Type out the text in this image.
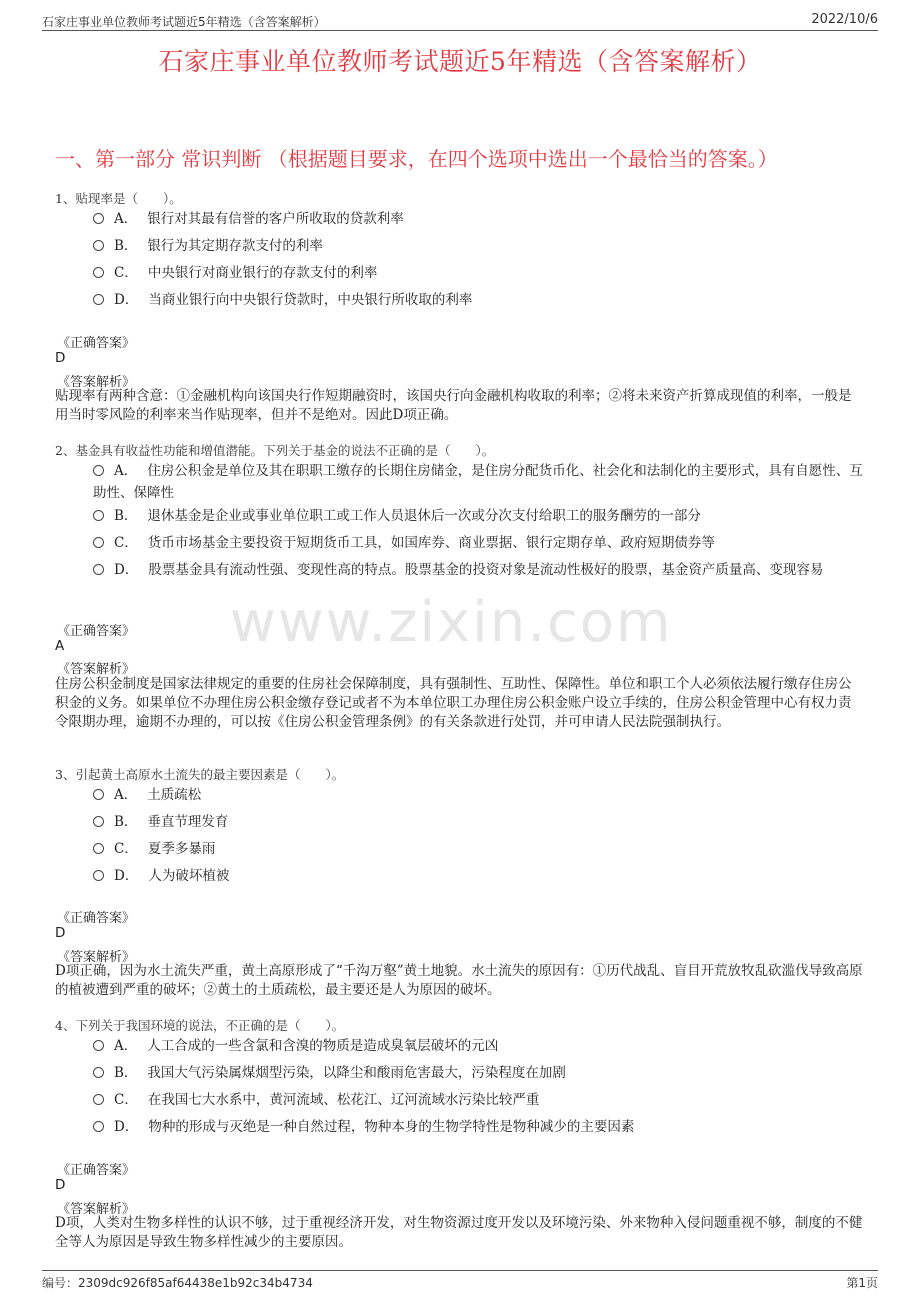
石家庄事业单位教师考试题近5年精选（含答案解析）	2022/10/6
石家庄事业单位教师考试题近5年精选（含答案解析）
一、第一部分 常识判断 （根据题目要求，在四个选项中选出一个最恰当的答案。）
www.zixin.com
1、贴现率是（　　）。
A． 银行对其最有信誉的客户所收取的贷款利率
B． 银行为其定期存款支付的利率
C． 中央银行对商业银行的存款支付的利率
D． 当商业银行向中央银行贷款时，中央银行所收取的利率
《正确答案》
D
《答案解析》
贴现率有两种含意：①金融机构向该国央行作短期融资时，该国央行向金融机构收取的利率；②将未来资产折算成现值的利率，一般是用当时零风险的利率来当作贴现率，但并不是绝对。因此D项正确。
2、基金具有收益性功能和增值潜能。下列关于基金的说法不正确的是（　　）。
A． 住房公积金是单位及其在职职工缴存的长期住房储金，是住房分配货币化、社会化和法制化的主要形式，具有自愿性、互助性、保障性
B． 退休基金是企业或事业单位职工或工作人员退休后一次或分次支付给职工的服务酬劳的一部分
C． 货币市场基金主要投资于短期货币工具，如国库券、商业票据、银行定期存单、政府短期债券等
D． 股票基金具有流动性强、变现性高的特点。股票基金的投资对象是流动性极好的股票，基金资产质量高、变现容易
《正确答案》
A
《答案解析》
住房公积金制度是国家法律规定的重要的住房社会保障制度，具有强制性、互助性、保障性。单位和职工个人必须依法履行缴存住房公积金的义务。如果单位不办理住房公积金缴存登记或者不为本单位职工办理住房公积金账户设立手续的，住房公积金管理中心有权力责令限期办理，逾期不办理的，可以按《住房公积金管理条例》的有关条款进行处罚，并可申请人民法院强制执行。
3、引起黄土高原水土流失的最主要因素是（　　）。
A． 土质疏松
B． 垂直节理发育
C． 夏季多暴雨
D． 人为破坏植被
《正确答案》
D
《答案解析》
D项正确，因为水土流失严重，黄土高原形成了“千沟万壑”黄土地貌。水土流失的原因有：①历代战乱、盲目开荒放牧乱砍滥伐导致高原的植被遭到严重的破坏；②黄土的土质疏松，最主要还是人为原因的破坏。
4、下列关于我国环境的说法，不正确的是（　　）。
A． 人工合成的一些含氯和含溴的物质是造成臭氧层破坏的元凶
B． 我国大气污染属煤烟型污染，以降尘和酸雨危害最大，污染程度在加剧
C． 在我国七大水系中，黄河流域、松花江、辽河流域水污染比较严重
D． 物种的形成与灭绝是一种自然过程，物种本身的生物学特性是物种减少的主要因素
《正确答案》
D
《答案解析》
D项，人类对生物多样性的认识不够，过于重视经济开发，对生物资源过度开发以及环境污染、外来物种入侵问题重视不够，制度的不健全等人为原因是导致生物多样性减少的主要原因。
编号：2309dc926f85af64438e1b92c34b4734	第1页
